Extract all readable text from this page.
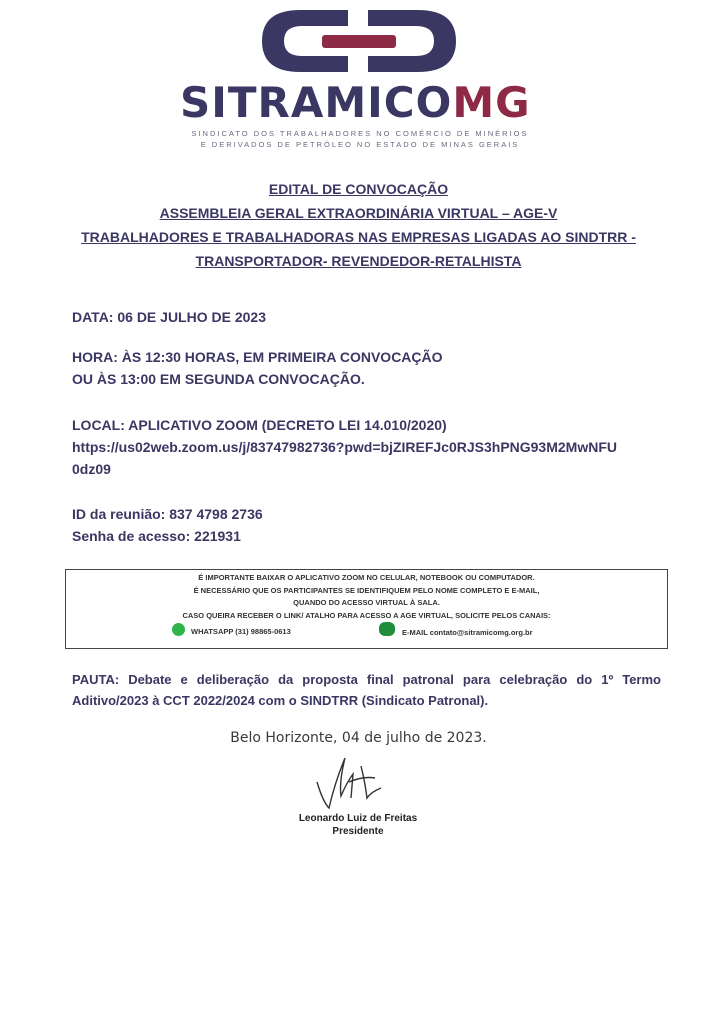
SITRAMICOMG
SINDICATO DOS TRABALHADORES NO COMÉRCIO DE MINÉRIOS
E DERIVADOS DE PETRÓLEO NO ESTADO DE MINAS GERAIS
EDITAL DE CONVOCAÇÃO
ASSEMBLEIA GERAL EXTRAORDINÁRIA VIRTUAL – AGE-V
TRABALHADORES E TRABALHADORAS NAS EMPRESAS LIGADAS AO SINDTRR -
TRANSPORTADOR- REVENDEDOR-RETALHISTA
DATA: 06 DE JULHO DE 2023
HORA: ÀS 12:30 HORAS, EM PRIMEIRA CONVOCAÇÃO
OU ÀS 13:00 EM SEGUNDA CONVOCAÇÃO.
LOCAL: APLICATIVO ZOOM (DECRETO LEI 14.010/2020)
https://us02web.zoom.us/j/83747982736?pwd=bjZIREFJc0RJS3hPNG93M2MwNFU
0dz09
ID da reunião: 837 4798 2736
Senha de acesso: 221931
É IMPORTANTE BAIXAR O APLICATIVO ZOOM NO CELULAR, NOTEBOOK OU COMPUTADOR.
É NECESSÁRIO QUE OS PARTICIPANTES SE IDENTIFIQUEM PELO NOME COMPLETO E E-MAIL,
QUANDO DO ACESSO VIRTUAL À SALA.
CASO QUEIRA RECEBER O LINK/ ATALHO PARA ACESSO A AGE VIRTUAL, SOLICITE PELOS CANAIS:
WHATSAPP (31) 98865-0613	E-MAIL contato@sitramicomg.org.br
PAUTA: Debate e deliberação da proposta final patronal para celebração do 1º Termo Aditivo/2023 à CCT 2022/2024 com o SINDTRR (Sindicato Patronal).
Belo Horizonte, 04 de julho de 2023.
Leonardo Luiz de Freitas
Presidente
